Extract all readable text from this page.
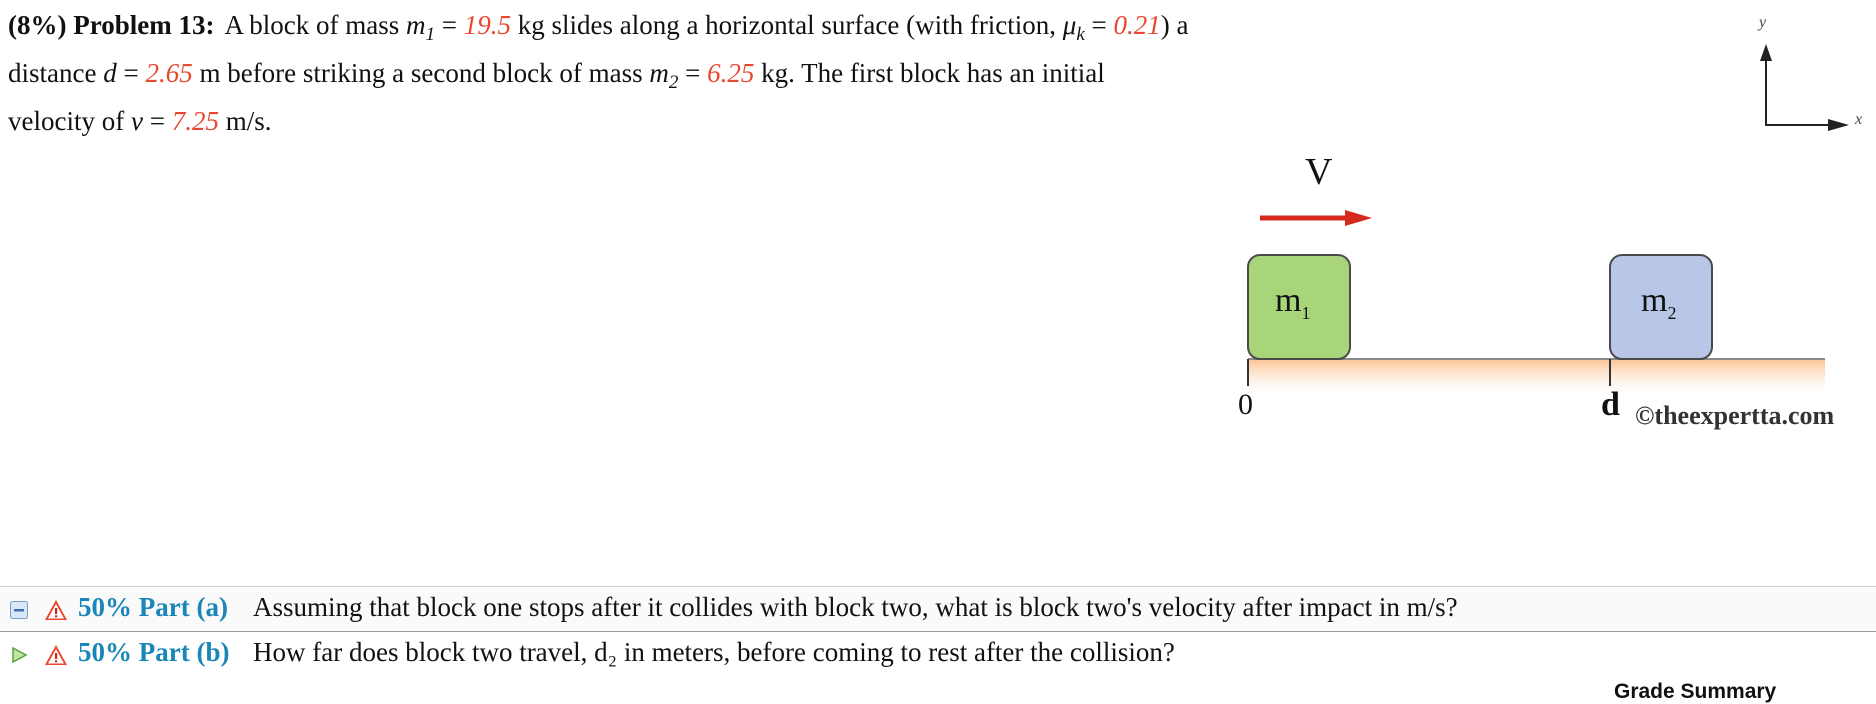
(8%) Problem 13: A block of mass $m_1 = 19.5$ kg slides along a horizontal surface (with friction, $\mu_k = 0.21$) a distance d = 2.65 m before striking a second block of mass $m_2 = 6.25$ kg. The first block has an initial velocity of v = 7.25 m/s.

y
x
V
$m_1$	$m_2$
0	d ©theexpertta.com
50% Part (a) Assuming that block one stops after it collides with block two, what is block two's velocity after impact in m/s?
50% Part (b) How far does block two travel, d₂ in meters, before coming to rest after the collision?
Grade Summary
